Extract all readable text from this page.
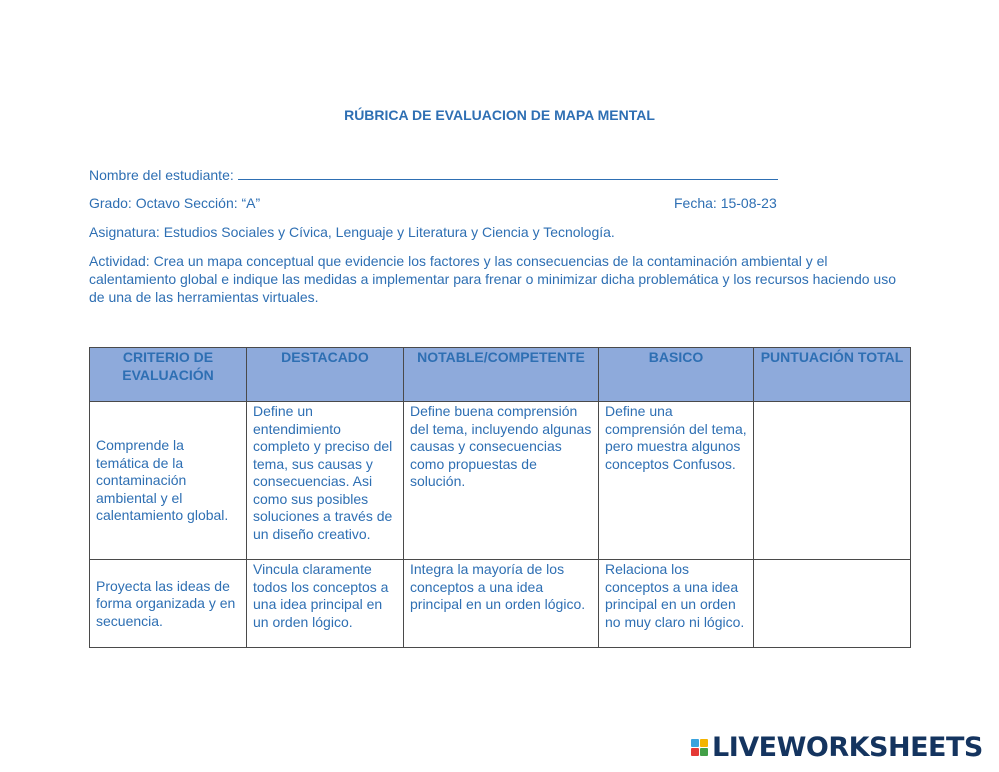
RÚBRICA DE EVALUACION DE MAPA MENTAL
Nombre del estudiante:
Grado: Octavo Sección: “A”	Fecha: 15-08-23
Asignatura: Estudios Sociales y Cívica, Lenguaje y Literatura y Ciencia y Tecnología.
Actividad: Crea un mapa conceptual que evidencie los factores y las consecuencias de la contaminación ambiental y el calentamiento global e indique las medidas a implementar para frenar o minimizar dicha problemática y los recursos haciendo uso de una de las herramientas virtuales.
CRITERIO DE EVALUACIÓN	DESTACADO	NOTABLE/COMPETENTE	BASICO	PUNTUACIÓN TOTAL
Comprende la temática de la contaminación ambiental y el calentamiento global.	Define un entendimiento completo y preciso del tema, sus causas y consecuencias. Asi como sus posibles soluciones a través de un diseño creativo.	Define buena comprensión del tema, incluyendo algunas causas y consecuencias como propuestas de solución.	Define una comprensión del tema, pero muestra algunos conceptos Confusos.	
Proyecta las ideas de forma organizada y en secuencia.	Vincula claramente todos los conceptos a una idea principal en un orden lógico.	Integra la mayoría de los conceptos a una idea principal en un orden lógico.	Relaciona los conceptos a una idea principal en un orden no muy claro ni lógico.	
LIVEWORKSHEETS
